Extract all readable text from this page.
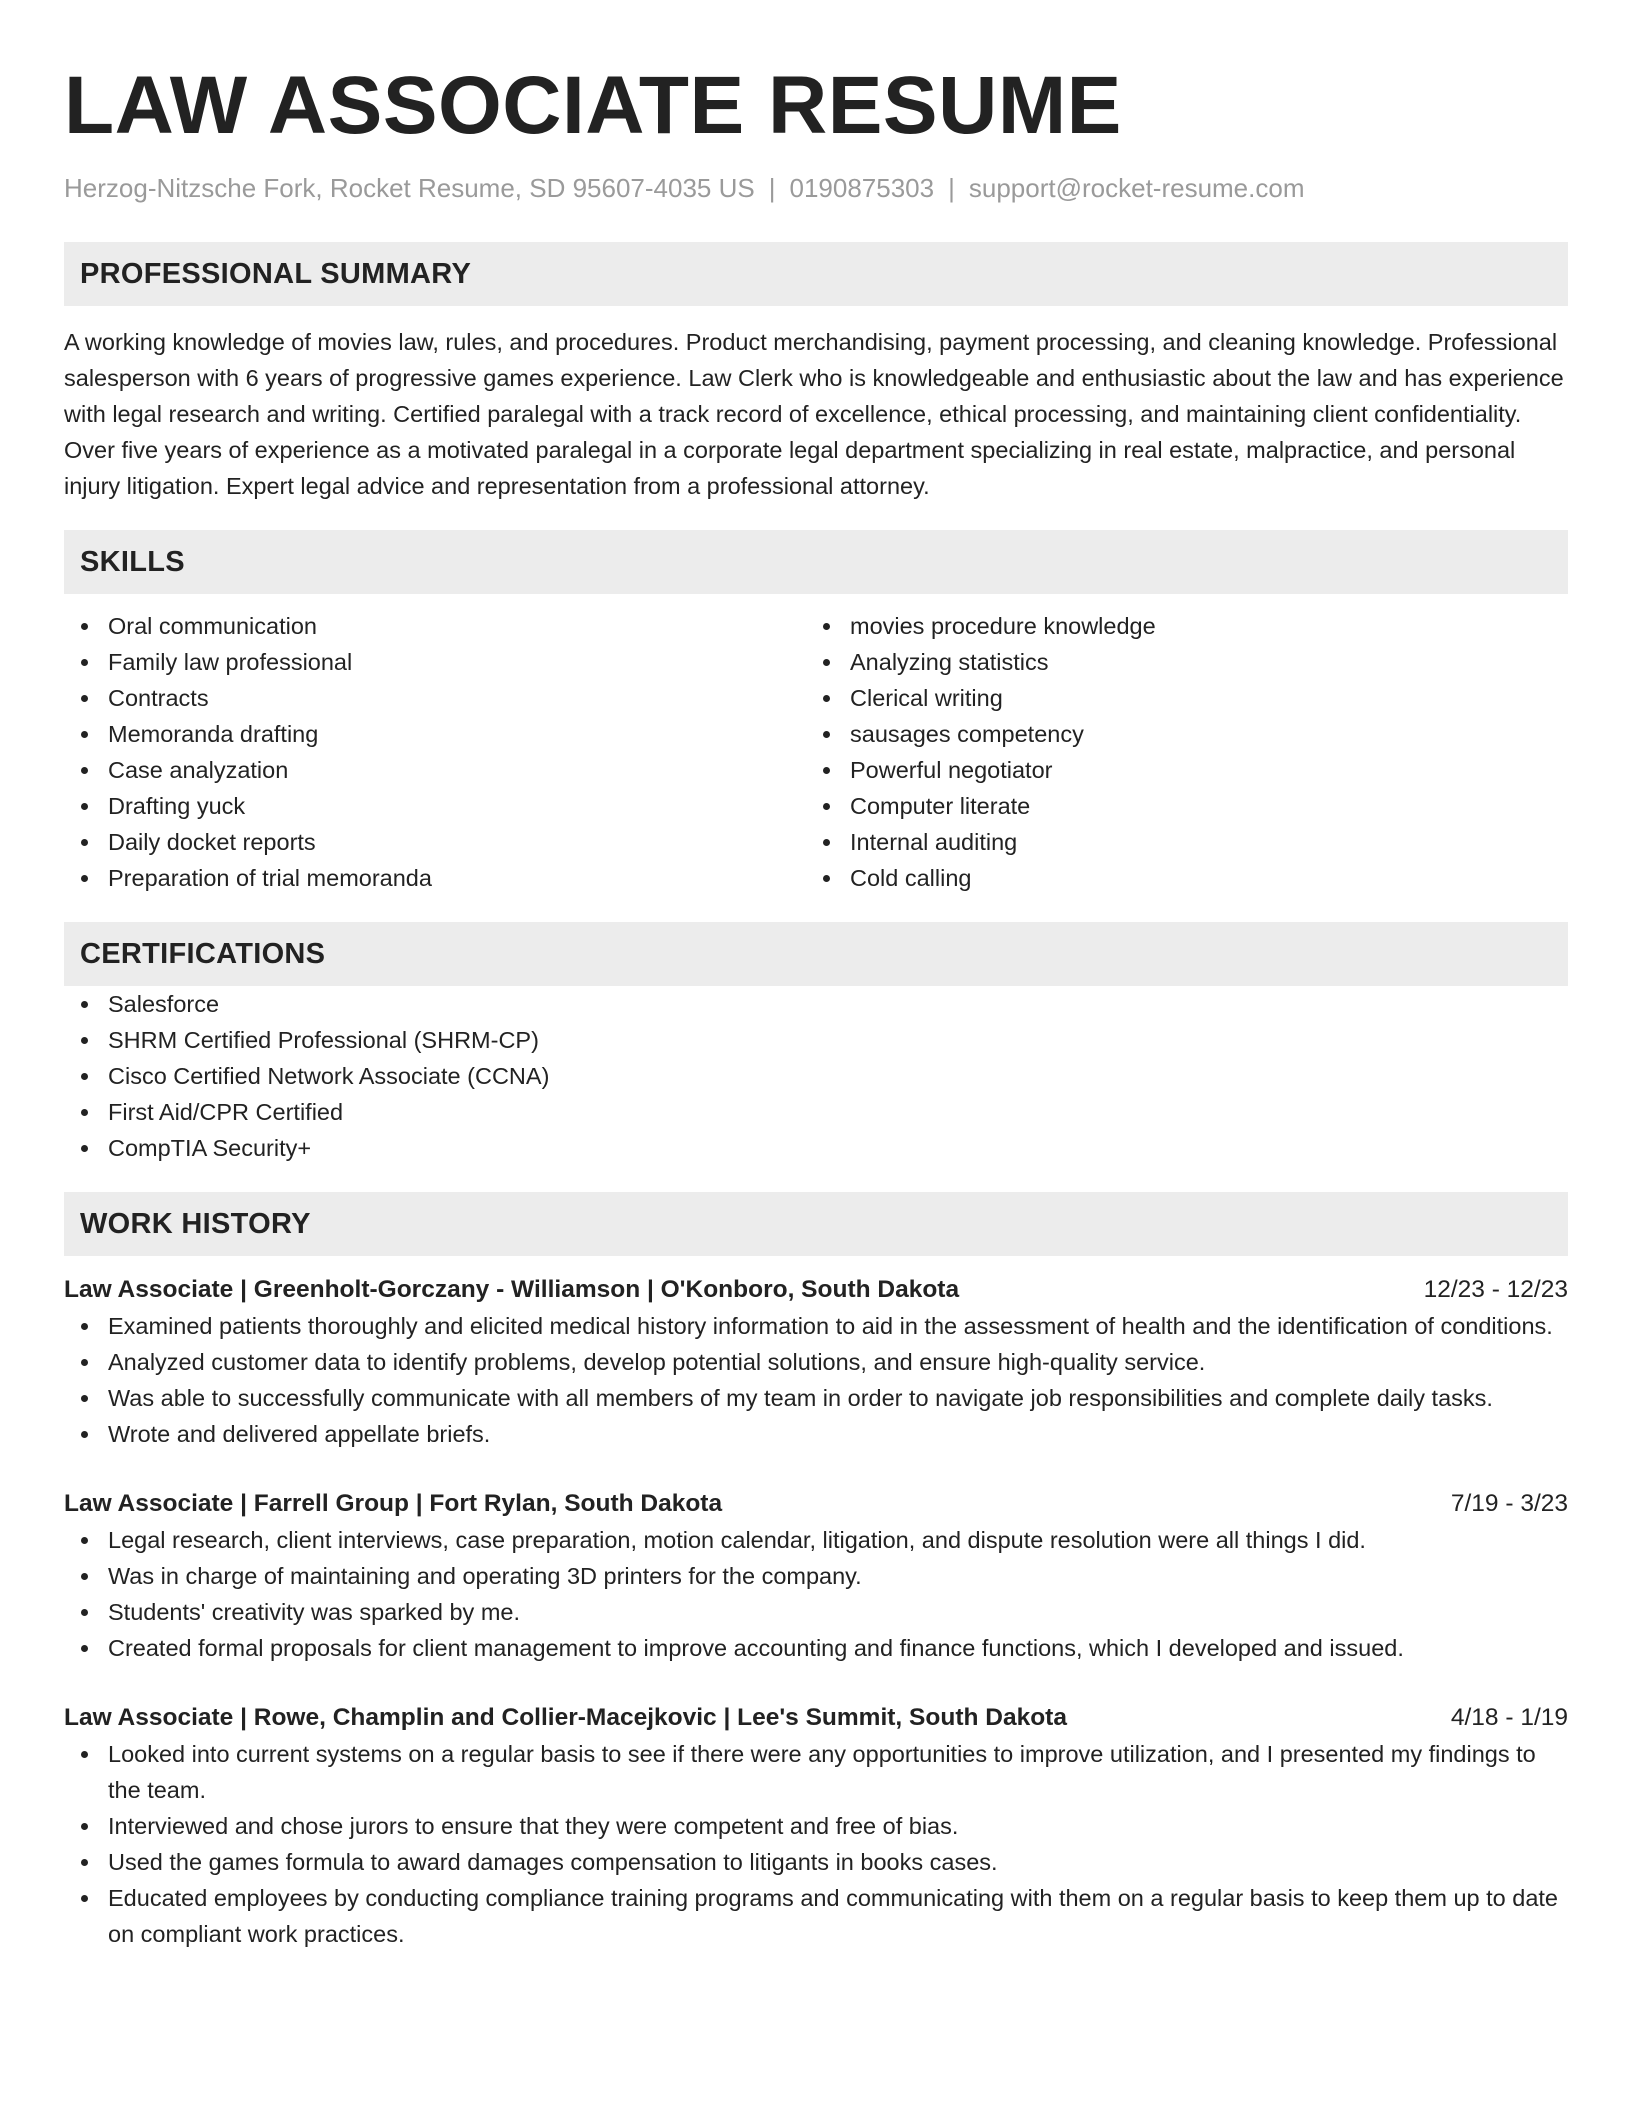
LAW ASSOCIATE RESUME
Herzog-Nitzsche Fork, Rocket Resume, SD 95607-4035 US | 0190875303 | support@rocket-resume.com
PROFESSIONAL SUMMARY
A working knowledge of movies law, rules, and procedures. Product merchandising, payment processing, and cleaning knowledge. Professional salesperson with 6 years of progressive games experience. Law Clerk who is knowledgeable and enthusiastic about the law and has experience with legal research and writing. Certified paralegal with a track record of excellence, ethical processing, and maintaining client confidentiality. Over five years of experience as a motivated paralegal in a corporate legal department specializing in real estate, malpractice, and personal injury litigation. Expert legal advice and representation from a professional attorney.
SKILLS
Oral communication
Family law professional
Contracts
Memoranda drafting
Case analyzation
Drafting yuck
Daily docket reports
Preparation of trial memoranda
movies procedure knowledge
Analyzing statistics
Clerical writing
sausages competency
Powerful negotiator
Computer literate
Internal auditing
Cold calling
CERTIFICATIONS
Salesforce
SHRM Certified Professional (SHRM-CP)
Cisco Certified Network Associate (CCNA)
First Aid/CPR Certified
CompTIA Security+
WORK HISTORY
Law Associate | Greenholt-Gorczany - Williamson | O'Konboro, South Dakota	12/23 - 12/23
Examined patients thoroughly and elicited medical history information to aid in the assessment of health and the identification of conditions.
Analyzed customer data to identify problems, develop potential solutions, and ensure high-quality service.
Was able to successfully communicate with all members of my team in order to navigate job responsibilities and complete daily tasks.
Wrote and delivered appellate briefs.
Law Associate | Farrell Group | Fort Rylan, South Dakota	7/19 - 3/23
Legal research, client interviews, case preparation, motion calendar, litigation, and dispute resolution were all things I did.
Was in charge of maintaining and operating 3D printers for the company.
Students' creativity was sparked by me.
Created formal proposals for client management to improve accounting and finance functions, which I developed and issued.
Law Associate | Rowe, Champlin and Collier-Macejkovic | Lee's Summit, South Dakota	4/18 - 1/19
Looked into current systems on a regular basis to see if there were any opportunities to improve utilization, and I presented my findings to the team.
Interviewed and chose jurors to ensure that they were competent and free of bias.
Used the games formula to award damages compensation to litigants in books cases.
Educated employees by conducting compliance training programs and communicating with them on a regular basis to keep them up to date on compliant work practices.
